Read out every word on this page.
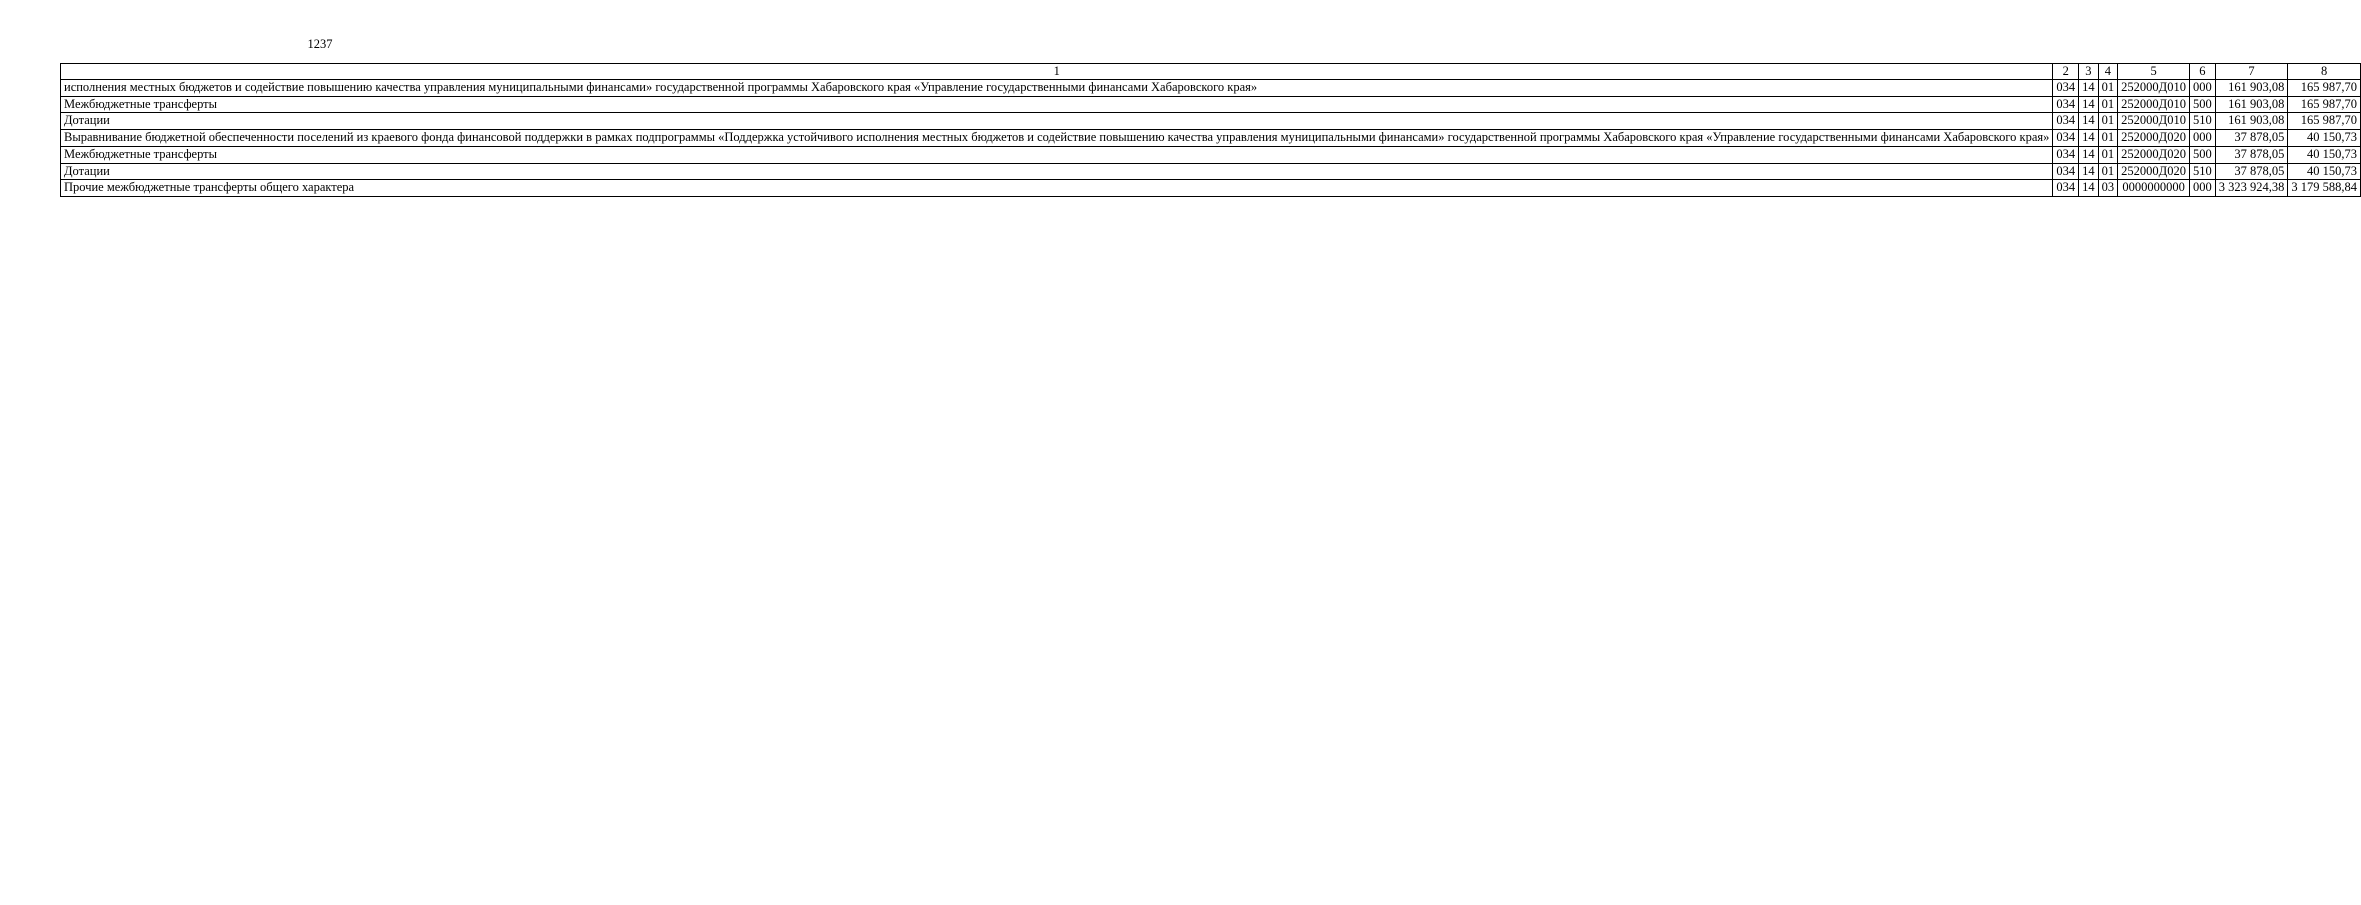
1237
1	2	3	4	5	6	7	8
исполнения местных бюджетов и содействие повышению качества управления муниципальными финансами» государственной программы Хабаровского края «Управление государственными финансами Хабаровского края»	034	14	01	252000Д010	000	161 903,08	165 987,70
Межбюджетные трансферты	034	14	01	252000Д010	500	161 903,08	165 987,70
Дотации	034	14	01	252000Д010	510	161 903,08	165 987,70
Выравнивание бюджетной обеспеченности поселений из краевого фонда финансовой поддержки в рамках подпрограммы «Поддержка устойчивого исполнения местных бюджетов и содействие повышению качества управления муниципальными финансами» государственной программы Хабаровского края «Управление государственными финансами Хабаровского края»	034	14	01	252000Д020	000	37 878,05	40 150,73
Межбюджетные трансферты	034	14	01	252000Д020	500	37 878,05	40 150,73
Дотации	034	14	01	252000Д020	510	37 878,05	40 150,73
Прочие межбюджетные трансферты общего характера	034	14	03	0000000000	000	3 323 924,38	3 179 588,84
